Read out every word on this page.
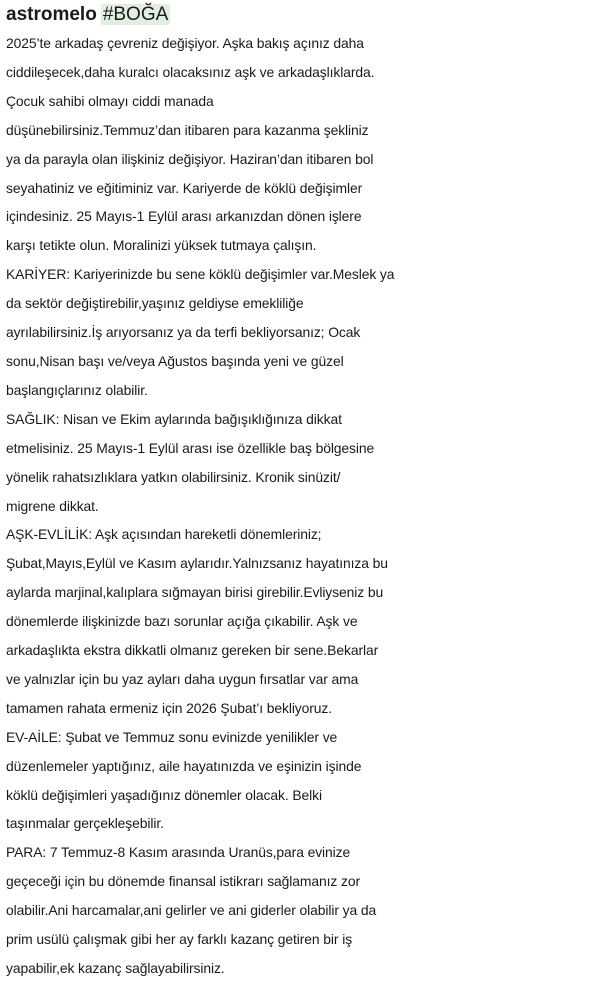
astromelo #BOĞA
2025’te arkadaş çevreniz değişiyor. Aşka bakış açınız daha
ciddileşecek,daha kuralcı olacaksınız aşk ve arkadaşlıklarda.
Çocuk sahibi olmayı ciddi manada
düşünebilirsiniz.Temmuz’dan itibaren para kazanma şekliniz
ya da parayla olan ilişkiniz değişiyor. Haziran’dan itibaren bol
seyahatiniz ve eğitiminiz var. Kariyerde de köklü değişimler
içindesiniz. 25 Mayıs-1 Eylül arası arkanızdan dönen işlere
karşı tetikte olun. Moralinizi yüksek tutmaya çalışın.
KARİYER: Kariyerinizde bu sene köklü değişimler var.Meslek ya
da sektör değiştirebilir,yaşınız geldiyse emekliliğe
ayrılabilirsiniz.İş arıyorsanız ya da terfi bekliyorsanız; Ocak
sonu,Nisan başı ve/veya Ağustos başında yeni ve güzel
başlangıçlarınız olabilir.
SAĞLIK: Nisan ve Ekim aylarında bağışıklığınıza dikkat
etmelisiniz. 25 Mayıs-1 Eylül arası ise özellikle baş bölgesine
yönelik rahatsızlıklara yatkın olabilirsiniz. Kronik sinüzit/
migrene dikkat.
AŞK-EVLİLİK: Aşk açısından hareketli dönemleriniz;
Şubat,Mayıs,Eylül ve Kasım aylarıdır.Yalnızsanız hayatınıza bu
aylarda marjinal,kalıplara sığmayan birisi girebilir.Evliyseniz bu
dönemlerde ilişkinizde bazı sorunlar açığa çıkabilir. Aşk ve
arkadaşlıkta ekstra dikkatli olmanız gereken bir sene.Bekarlar
ve yalnızlar için bu yaz ayları daha uygun fırsatlar var ama
tamamen rahata ermeniz için 2026 Şubat’ı bekliyoruz.
EV-AİLE: Şubat ve Temmuz sonu evinizde yenilikler ve
düzenlemeler yaptığınız, aile hayatınızda ve eşinizin işinde
köklü değişimleri yaşadığınız dönemler olacak. Belki
taşınmalar gerçekleşebilir.
PARA: 7 Temmuz-8 Kasım arasında Uranüs,para evinize
geçeceği için bu dönemde finansal istikrarı sağlamanız zor
olabilir.Ani harcamalar,ani gelirler ve ani giderler olabilir ya da
prim usülü çalışmak gibi her ay farklı kazanç getiren bir iş
yapabilir,ek kazanç sağlayabilirsiniz.
